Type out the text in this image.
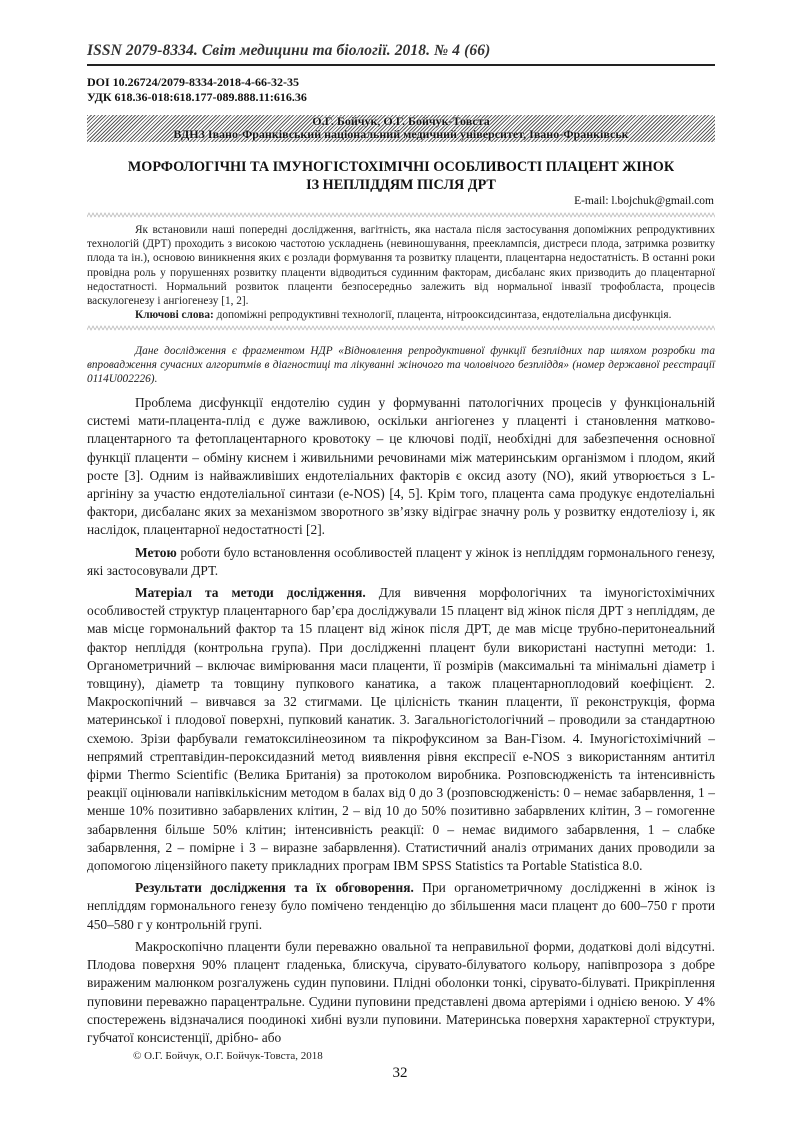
ISSN 2079-8334. Світ медицини та біології. 2018. № 4 (66)
DOI 10.26724/2079-8334-2018-4-66-32-35
УДК 618.36-018:618.177-089.888.11:616.36
О.Г. Бойчук, О.Г. Бойчук-Товста
ВДНЗ Івано-Франківський національний медичний університет, Івано-Франківськ
МОРФОЛОГІЧНІ ТА ІМУНОГІСТОХІМІЧНІ ОСОБЛИВОСТІ ПЛАЦЕНТ ЖІНОК
ІЗ НЕПЛІДДЯМ ПІСЛЯ ДРТ
E-mail: l.bojchuk@gmail.com

Як встановили наші попередні дослідження, вагітність, яка настала після застосування допоміжних репродуктивних технологій (ДРТ) проходить з високою частотою ускладнень (невиношування, прееклампсія, дистреси плода, затримка розвитку плода та ін.), основою виникнення яких є розлади формування та розвитку плаценти, плацентарна недостатність. В останні роки провідна роль у порушеннях розвитку плаценти відводиться судинним факторам, дисбаланс яких призводить до плацентарної недостатності. Нормальний розвиток плаценти безпосередньо залежить від нормальної інвазії трофобласта, процесів васкулогенезу і ангіогенезу [1, 2].

Ключові слова: допоміжні репродуктивні технології, плацента, нітрооксидсинтаза, ендотеліальна дисфункція.

Дане дослідження є фрагментом НДР «Відновлення репродуктивної функції безплідних пар шляхом розробки та впровадження сучасних алгоритмів в діагностиці та лікуванні жіночого та чоловічого безпліддя» (номер державної реєстрації 0114U002226).

Проблема дисфункції ендотелію судин у формуванні патологічних процесів у функціональній системі мати-плацента-плід є дуже важливою, оскільки ангіогенез у плаценті і становлення матково-плацентарного та фетоплацентарного кровотоку – це ключові події, необхідні для забезпечення основної функції плаценти – обміну киснем і живильними речовинами між материнським організмом і плодом, який росте [3]. Одним із найважливіших ендотеліальних факторів є оксид азоту (NO), який утворюється з L-аргініну за участю ендотеліальної синтази (e-NOS) [4, 5]. Крім того, плацента сама продукує ендотеліальні фактори, дисбаланс яких за механізмом зворотного зв’язку відіграє значну роль у розвитку ендотеліозу і, як наслідок, плацентарної недостатності [2].

Метою роботи було встановлення особливостей плацент у жінок із непліддям гормонального генезу, які застосовували ДРТ.

Матеріал та методи дослідження. Для вивчення морфологічних та імуногістохімічних особливостей структур плацентарного бар’єра досліджували 15 плацент від жінок після ДРТ з непліддям, де мав місце гормональний фактор та 15 плацент від жінок після ДРТ, де мав місце трубно-перитонеальний фактор непліддя (контрольна група). При дослідженні плацент були використані наступні методи: 1. Органометричний – включає вимірювання маси плаценти, її розмірів (максимальні та мінімальні діаметр і товщину), діаметр та товщину пупкового канатика, а також плацентарноплодовий коефіцієнт. 2. Макроскопічний – вивчався за 32 стигмами. Це цілісність тканин плаценти, її реконструкція, форма материнської і плодової поверхні, пупковий канатик. 3. Загальногістологічний – проводили за стандартною схемою. Зрізи фарбували гематоксилінеозином та пікрофуксином за Ван-Гізом. 4. Імуногістохімічний – непрямий стрептавідин-пероксидазний метод виявлення рівня експресії e-NOS з використанням антитіл фірми Thermo Scientific (Велика Британія) за протоколом виробника. Розповсюдженість та інтенсивність реакції оцінювали напівкількісним методом в балах від 0 до 3 (розповсюдженість: 0 – немає забарвлення, 1 – менше 10% позитивно забарвлених клітин, 2 – від 10 до 50% позитивно забарвлених клітин, 3 – гомогенне забарвлення більше 50% клітин; інтенсивність реакції: 0 – немає видимого забарвлення, 1 – слабке забарвлення, 2 – помірне і 3 – виразне забарвлення). Статистичний аналіз отриманих даних проводили за допомогою ліцензійного пакету прикладних програм IBM SPSS Statistics та Portable Statistica 8.0.

Результати дослідження та їх обговорення. При органометричному дослідженні в жінок із непліддям гормонального генезу було помічено тенденцію до збільшення маси плацент до 600–750 г проти 450–580 г у контрольній групі.

Макроскопічно плаценти були переважно овальної та неправильної форми, додаткові долі відсутні. Плодова поверхня 90% плацент гладенька, блискуча, сірувато-білуватого кольору, напівпрозора з добре вираженим малюнком розгалужень судин пуповини. Плідні оболонки тонкі, сірувато-білуваті. Прикріплення пуповини переважно парацентральне. Судини пуповини представлені двома артеріями і однією веною. У 4% спостережень відзначалися поодинокі хибні вузли пуповини. Материнська поверхня характерної структури, губчатої консистенції, дрібно- або

© О.Г. Бойчук, О.Г. Бойчук-Товста, 2018
32
